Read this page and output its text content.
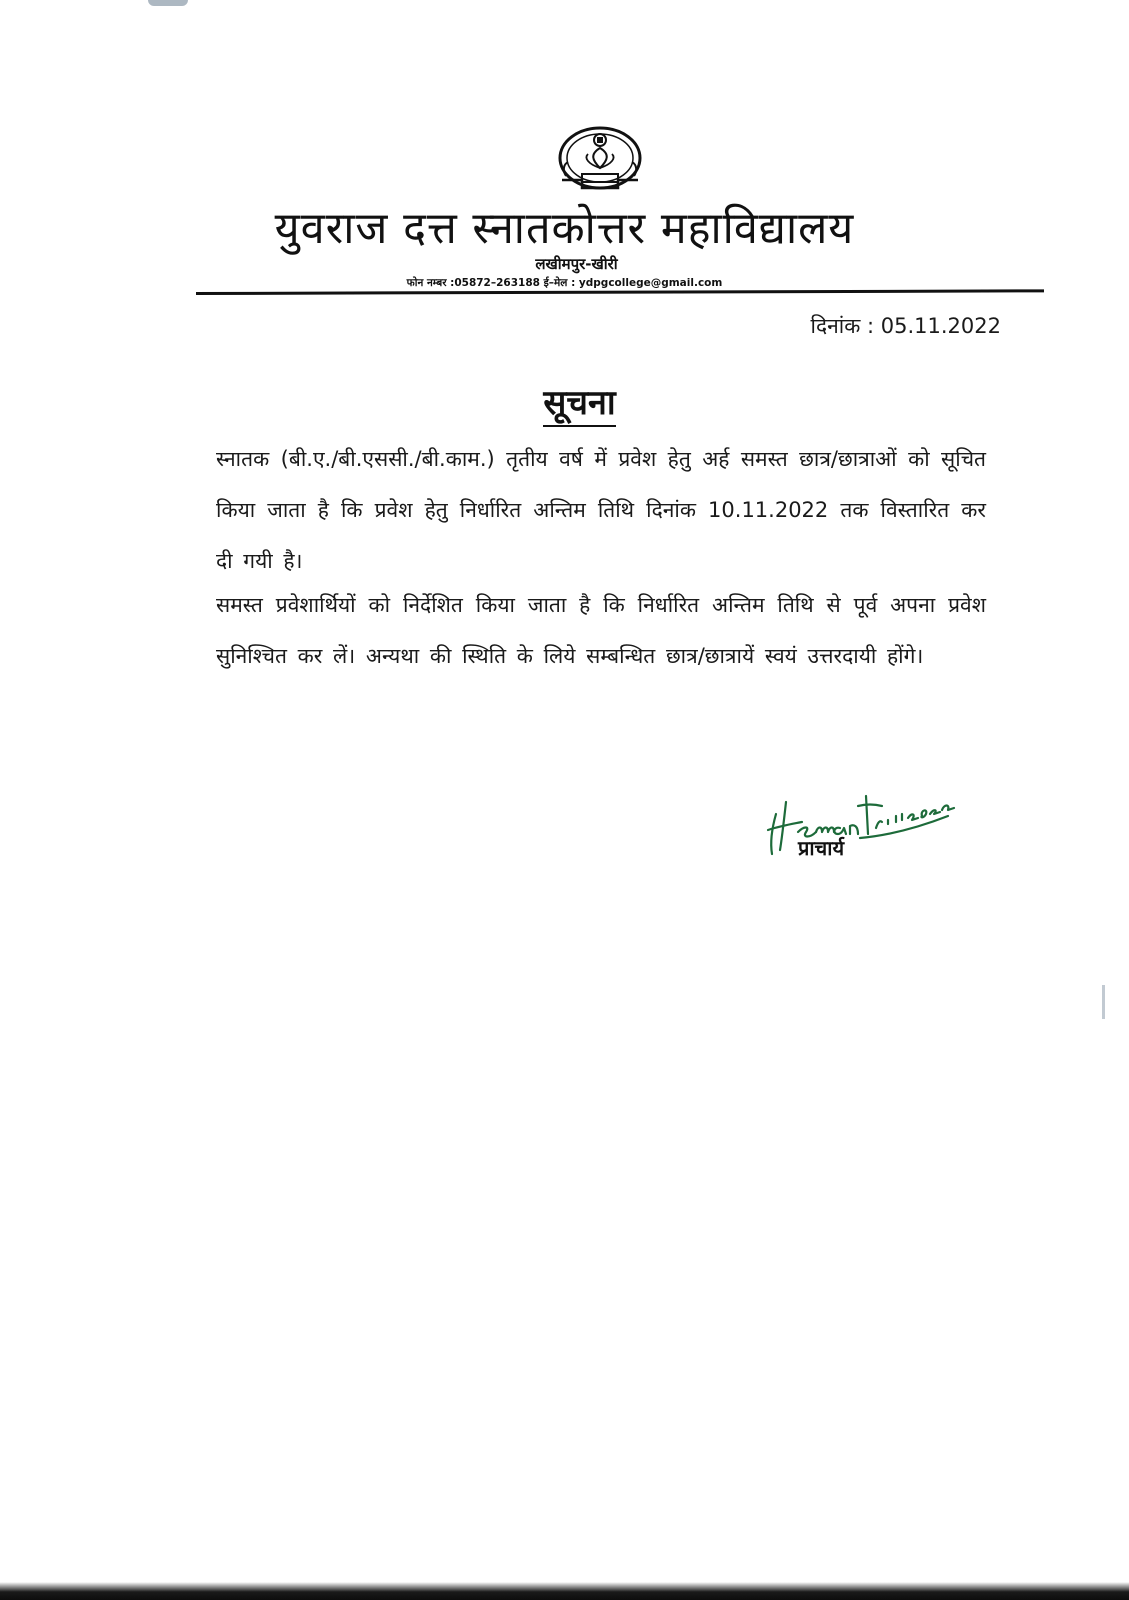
युवराज दत्त स्नातकोत्तर महाविद्यालय
लखीमपुर-खीरी
फोन नम्बर :05872–263188 ई–मेल : ydpgcollege@gmail.com
दिनांक : 05.11.2022
सूचना
स्नातक (बी.ए./बी.एससी./बी.काम.) तृतीय वर्ष में प्रवेश हेतु अर्ह समस्त छात्र/छात्राओं को सूचित किया जाता है कि प्रवेश हेतु निर्धारित अन्तिम तिथि दिनांक 10.11.2022 तक विस्तारित कर दी गयी है।
समस्त प्रवेशार्थियों को निर्देशित किया जाता है कि निर्धारित अन्तिम तिथि से पूर्व अपना प्रवेश सुनिश्चित कर लें। अन्यथा की स्थिति के लिये सम्बन्धित छात्र/छात्रायें स्वयं उत्तरदायी होंगे।
प्राचार्य
